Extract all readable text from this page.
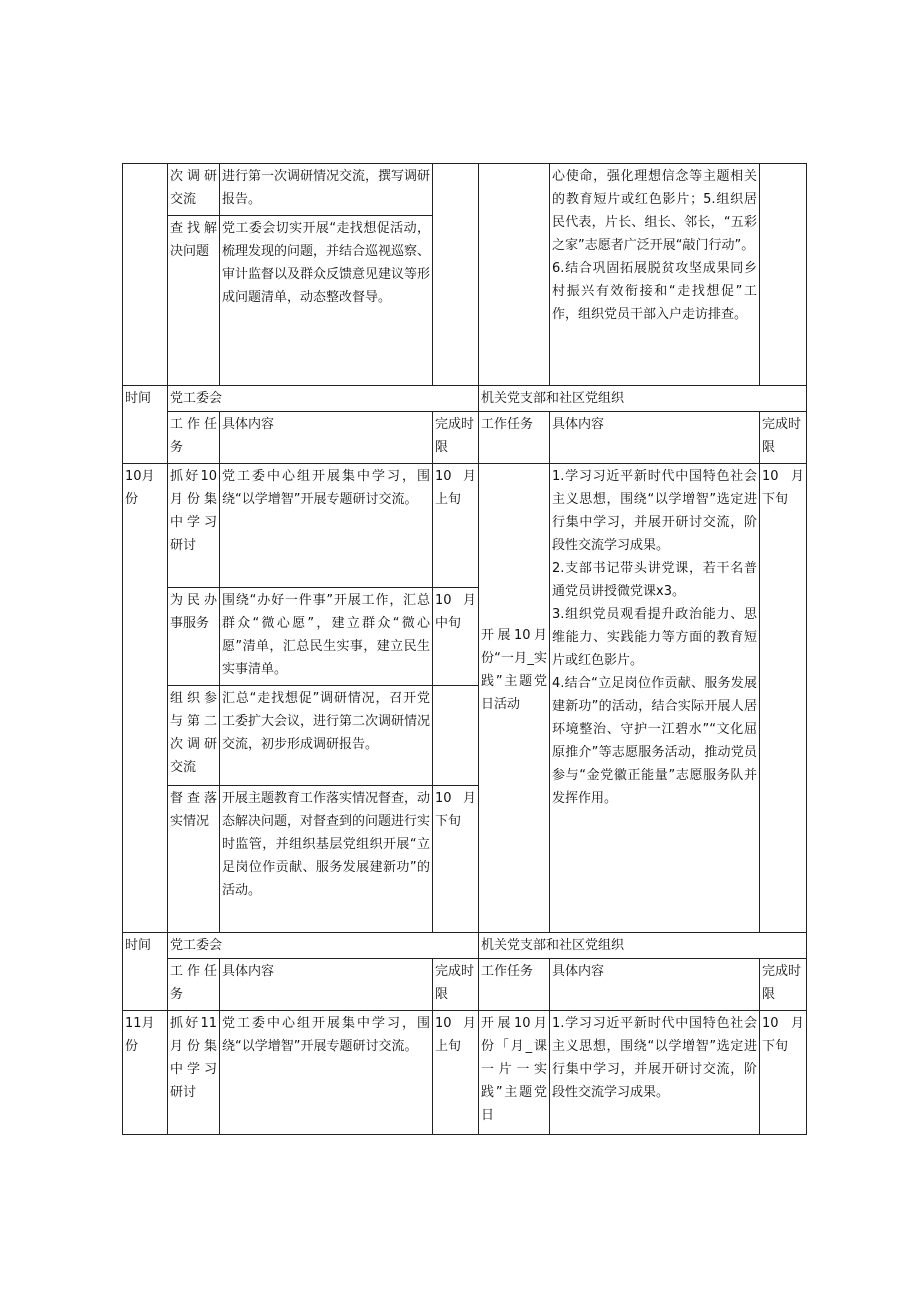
	次调研交流	进行第一次调研情况交流，撰写调研报告。			心使命，强化理想信念等主题相关的教育短片或红色影片；5.组织居民代表，片长、组长、邻长，“五彩之家”志愿者广泛开展“敲门行动”。
6.结合巩固拓展脱贫攻坚成果同乡村振兴有效衔接和“走找想促”工作，组织党员干部入户走访排查。	
	查找解决问题	党工委会切实开展“走找想促活动，梳理发现的问题，并结合巡视巡察、审计监督以及群众反馈意见建议等形成问题清单，动态整改督导。				
时间	党工委会			机关党支部和社区党组织		
	工作任务	具体内容	完成时限	工作任务	具体内容	完成时限
10月份	抓好10月份集中学习研讨	党工委中心组开展集中学习，围绕“以学增智”开展专题研讨交流。	10月上旬	开展10月份“一月_实践”主题党日活动	1.学习习近平新时代中国特色社会主义思想，围绕“以学增智”选定进行集中学习，并展开研讨交流，阶段性交流学习成果。
2.支部书记带头讲党课，若干名普通党员讲授微党课x3。
3.组织党员观看提升政治能力、思维能力、实践能力等方面的教育短片或红色影片。
4.结合“立足岗位作贡献、服务发展建新功”的活动，结合实际开展人居环境整治、守护一江碧水”“文化屈原推介”等志愿服务活动，推动党员参与“金党徽正能量”志愿服务队并发挥作用。	10月下旬
	为民办事服务	围绕“办好一件事”开展工作，汇总群众“微心愿”，建立群众“微心愿”清单，汇总民生实事，建立民生实事清单。	10月中旬			
	组织参与第二次调研交流	汇总“走找想促”调研情况，召开党工委扩大会议，进行第二次调研情况交流，初步形成调研报告。				
	督查落实情况	开展主题教育工作落实情况督查，动态解决问题，对督查到的问题进行实时监管，并组织基层党组织开展“立足岗位作贡献、服务发展建新功”的活动。	10月下旬			
时间	党工委会			机关党支部和社区党组织		
	工作任务	具体内容	完成时限	工作任务	具体内容	完成时限
11月份	抓好11月份集中学习研讨	党工委中心组开展集中学习，围绕“以学增智”开展专题研讨交流。	10月上旬	开展10月份「月_课一片一实践”主题党日	1.学习习近平新时代中国特色社会主义思想，围绕“以学增智”选定进行集中学习，并展开研讨交流，阶段性交流学习成果。	10月下旬
